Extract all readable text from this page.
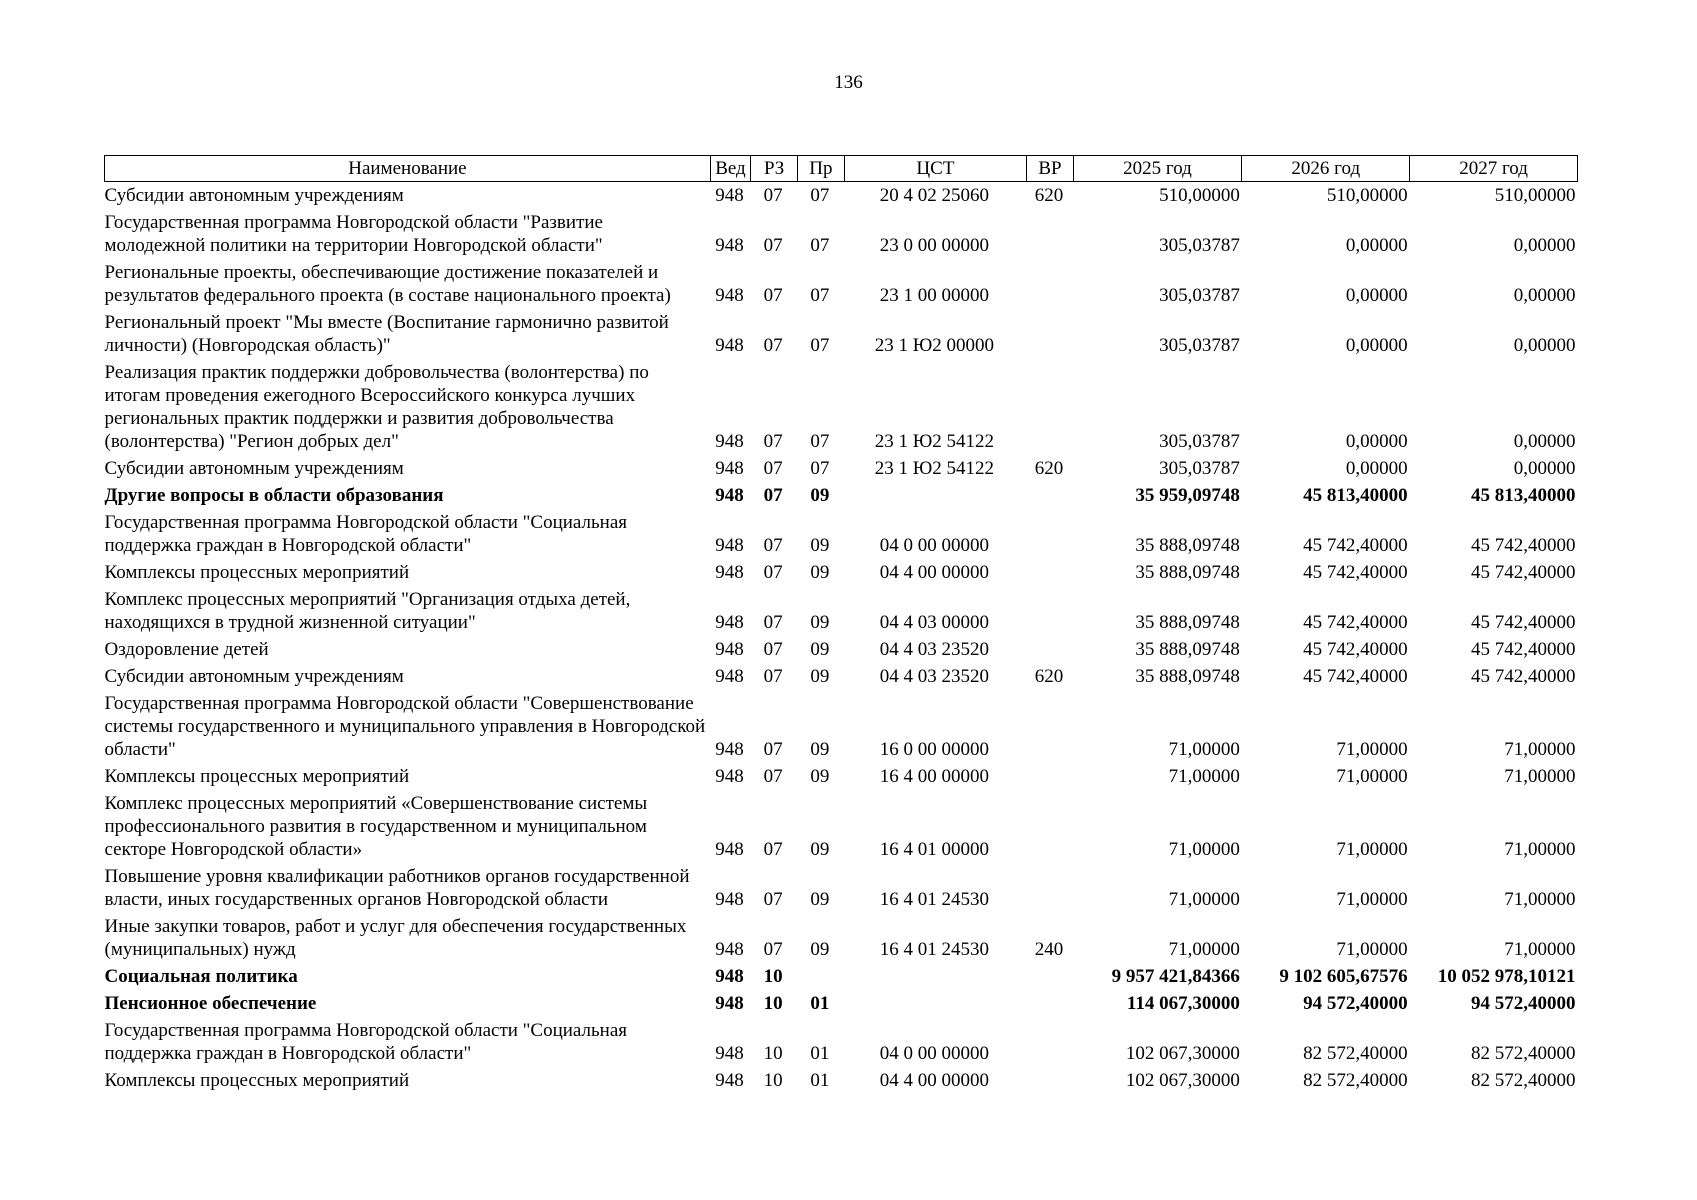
136
Наименование	Вед	РЗ	Пр	ЦСТ	ВР	2025 год	2026 год	2027 год
Субсидии автономным учреждениям	948	07	07	20 4 02 25060	620	510,00000	510,00000	510,00000
Государственная программа Новгородской области "Развитие молодежной политики на территории Новгородской области"	948	07	07	23 0 00 00000		305,03787	0,00000	0,00000
Региональные проекты, обеспечивающие достижение показателей и результатов федерального проекта (в составе национального проекта)	948	07	07	23 1 00 00000		305,03787	0,00000	0,00000
Региональный проект "Мы вместе (Воспитание гармонично развитой личности) (Новгородская область)"	948	07	07	23 1 Ю2 00000		305,03787	0,00000	0,00000
Реализация практик поддержки добровольчества (волонтерства) по итогам проведения ежегодного Всероссийского конкурса лучших региональных практик поддержки и развития добровольчества (волонтерства) "Регион добрых дел"	948	07	07	23 1 Ю2 54122		305,03787	0,00000	0,00000
Субсидии автономным учреждениям	948	07	07	23 1 Ю2 54122	620	305,03787	0,00000	0,00000
Другие вопросы в области образования	948	07	09			35 959,09748	45 813,40000	45 813,40000
Государственная программа Новгородской области "Социальная поддержка граждан в Новгородской области"	948	07	09	04 0 00 00000		35 888,09748	45 742,40000	45 742,40000
Комплексы процессных мероприятий	948	07	09	04 4 00 00000		35 888,09748	45 742,40000	45 742,40000
Комплекс процессных мероприятий "Организация отдыха детей, находящихся в трудной жизненной ситуации"	948	07	09	04 4 03 00000		35 888,09748	45 742,40000	45 742,40000
Оздоровление детей	948	07	09	04 4 03 23520		35 888,09748	45 742,40000	45 742,40000
Субсидии автономным учреждениям	948	07	09	04 4 03 23520	620	35 888,09748	45 742,40000	45 742,40000
Государственная программа Новгородской области "Совершенствование системы государственного и муниципального управления в Новгородской области"	948	07	09	16 0 00 00000		71,00000	71,00000	71,00000
Комплексы процессных мероприятий	948	07	09	16 4 00 00000		71,00000	71,00000	71,00000
Комплекс процессных мероприятий «Совершенствование системы профессионального развития в государственном и муниципальном секторе Новгородской области»	948	07	09	16 4 01 00000		71,00000	71,00000	71,00000
Повышение уровня квалификации работников органов государственной власти, иных государственных органов Новгородской области	948	07	09	16 4 01 24530		71,00000	71,00000	71,00000
Иные закупки товаров, работ и услуг для обеспечения государственных (муниципальных) нужд	948	07	09	16 4 01 24530	240	71,00000	71,00000	71,00000
Социальная политика	948	10				9 957 421,84366	9 102 605,67576	10 052 978,10121
Пенсионное обеспечение	948	10	01			114 067,30000	94 572,40000	94 572,40000
Государственная программа Новгородской области "Социальная поддержка граждан в Новгородской области"	948	10	01	04 0 00 00000		102 067,30000	82 572,40000	82 572,40000
Комплексы процессных мероприятий	948	10	01	04 4 00 00000		102 067,30000	82 572,40000	82 572,40000
